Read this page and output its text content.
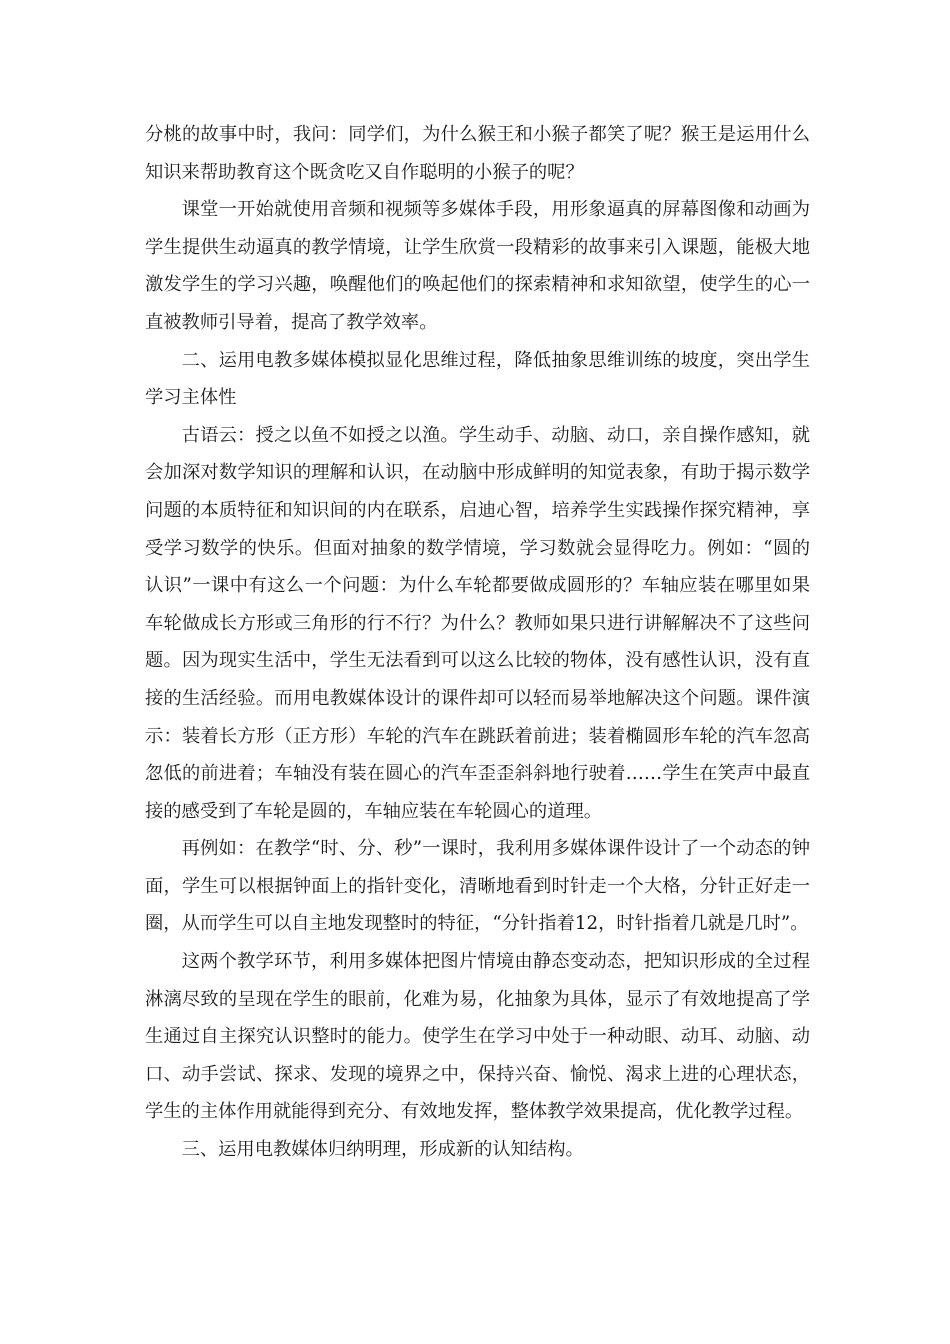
分桃的故事中时，我问：同学们，为什么猴王和小猴子都笑了呢？猴王是运用什么知识来帮助教育这个既贪吃又自作聪明的小猴子的呢？

课堂一开始就使用音频和视频等多媒体手段，用形象逼真的屏幕图像和动画为学生提供生动逼真的教学情境，让学生欣赏一段精彩的故事来引入课题，能极大地激发学生的学习兴趣，唤醒他们的唤起他们的探索精神和求知欲望，使学生的心一直被教师引导着，提高了教学效率。

二、运用电教多媒体模拟显化思维过程，降低抽象思维训练的坡度，突出学生学习主体性

古语云：授之以鱼不如授之以渔。学生动手、动脑、动口，亲自操作感知，就会加深对数学知识的理解和认识，在动脑中形成鲜明的知觉表象，有助于揭示数学问题的本质特征和知识间的内在联系，启迪心智，培养学生实践操作探究精神，享受学习数学的快乐。但面对抽象的数学情境，学习数就会显得吃力。例如：“圆的认识”一课中有这么一个问题：为什么车轮都要做成圆形的？车轴应装在哪里如果车轮做成长方形或三角形的行不行？为什么？教师如果只进行讲解解决不了这些问题。因为现实生活中，学生无法看到可以这么比较的物体，没有感性认识，没有直接的生活经验。而用电教媒体设计的课件却可以轻而易举地解决这个问题。课件演示：装着长方形（正方形）车轮的汽车在跳跃着前进；装着椭圆形车轮的汽车忽高忽低的前进着；车轴没有装在圆心的汽车歪歪斜斜地行驶着……学生在笑声中最直接的感受到了车轮是圆的，车轴应装在车轮圆心的道理。

再例如：在教学“时、分、秒”一课时，我利用多媒体课件设计了一个动态的钟面，学生可以根据钟面上的指针变化，清晰地看到时针走一个大格，分针正好走一圈，从而学生可以自主地发现整时的特征，“分针指着12，时针指着几就是几时”。

这两个教学环节，利用多媒体把图片情境由静态变动态，把知识形成的全过程淋漓尽致的呈现在学生的眼前，化难为易，化抽象为具体，显示了有效地提高了学生通过自主探究认识整时的能力。使学生在学习中处于一种动眼、动耳、动脑、动口、动手尝试、探求、发现的境界之中，保持兴奋、愉悦、渴求上进的心理状态，学生的主体作用就能得到充分、有效地发挥，整体教学效果提高，优化教学过程。

三、运用电教媒体归纳明理，形成新的认知结构。
